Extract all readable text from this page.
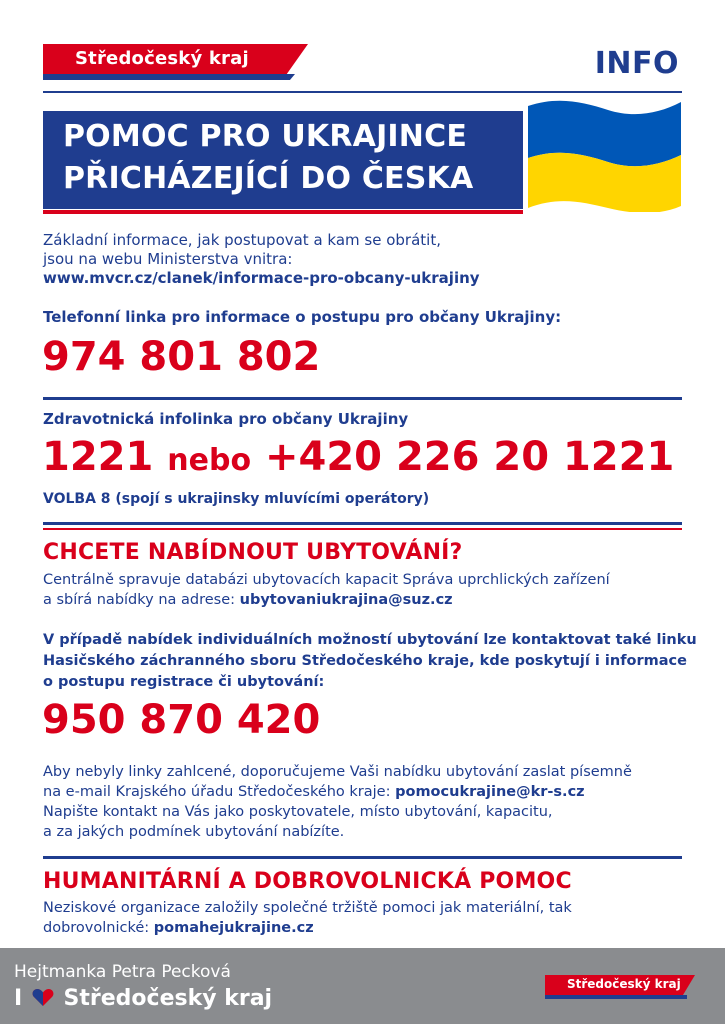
Středočeský kraj	INFO
POMOC PRO UKRAJINCE
PŘICHÁZEJÍCÍ DO ČESKA
Základní informace, jak postupovat a kam se obrátit,
jsou na webu Ministerstva vnitra:
www.mvcr.cz/clanek/informace-pro-obcany-ukrajiny
Telefonní linka pro informace o postupu pro občany Ukrajiny:
974 801 802
Zdravotnická infolinka pro občany Ukrajiny
1221 nebo +420 226 20 1221
VOLBA 8 (spojí s ukrajinsky mluvícími operátory)
CHCETE NABÍDNOUT UBYTOVÁNÍ?
Centrálně spravuje databázi ubytovacích kapacit Správa uprchlických zařízení
a sbírá nabídky na adrese: ubytovaniukrajina@suz.cz
V případě nabídek individuálních možností ubytování lze kontaktovat také linku
Hasičského záchranného sboru Středočeského kraje, kde poskytují i informace
o postupu registrace či ubytování:
950 870 420
Aby nebyly linky zahlcené, doporučujeme Vaši nabídku ubytování zaslat písemně
na e-mail Krajského úřadu Středočeského kraje: pomocukrajine@kr-s.cz
Napište kontakt na Vás jako poskytovatele, místo ubytování, kapacitu,
a za jakých podmínek ubytování nabízíte.
HUMANITÁRNÍ A DOBROVOLNICKÁ POMOC
Neziskové organizace založily společné tržiště pomoci jak materiální, tak
dobrovolnické: pomahejukrajine.cz
Hejtmanka Petra Pecková
I Středočeský kraj
Středočeský kraj
